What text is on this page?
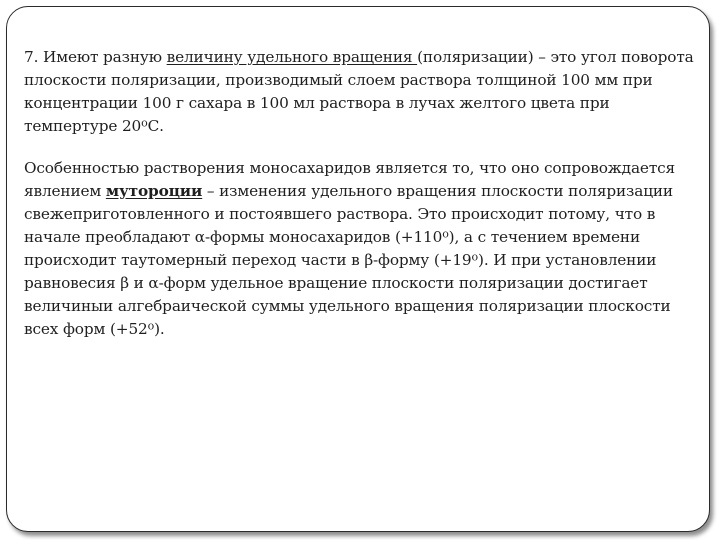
7. Имеют разную величину удельного вращения (поляризации) – это угол поворота плоскости поляризации, производимый слоем раствора толщиной 100 мм при концентрации 100 г сахара в 100 мл раствора в лучах желтого цвета при темпертуре $20^оС$.

Особенностью растворения моносахаридов является то, что оно сопровождается явлением мутороции – изменения удельного вращения плоскости поляризации свежеприготовленного и постоявшего раствора. Это происходит потому, что в начале преобладают α-формы моносахаридов $(+110^о)$, а с течением времени происходит таутомерный переход части в β-форму $(+19^о)$. И при установлении равновесия β и α-форм удельное вращение плоскости поляризации достигает величиныи алгебраической суммы удельного вращения поляризации плоскости всех форм $(+52^о)$.
